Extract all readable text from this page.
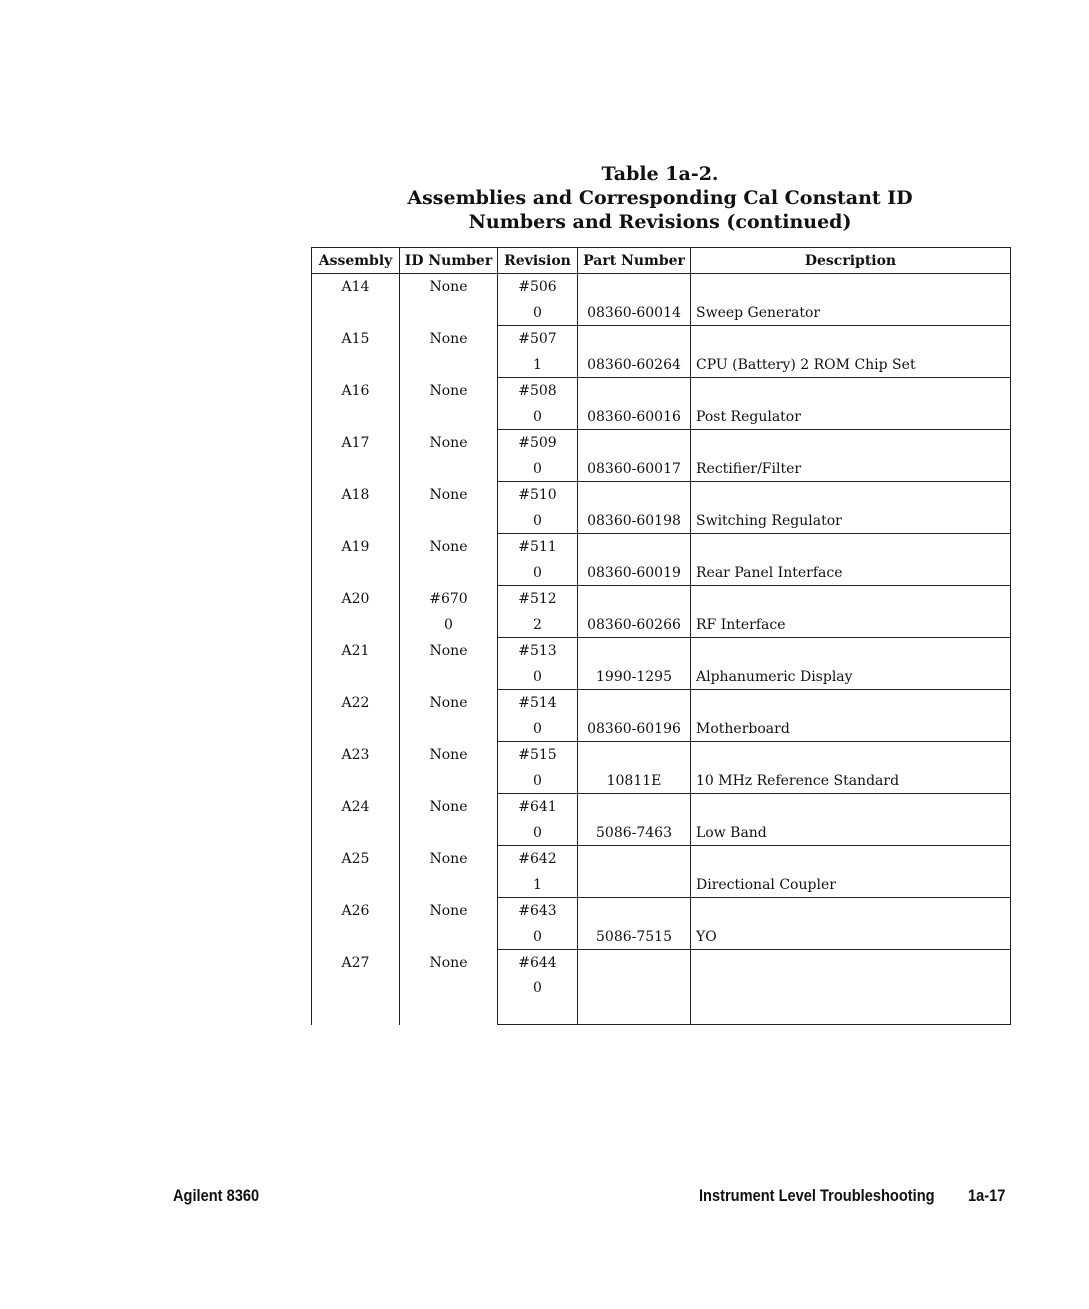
Table 1a-2.
Assemblies and Corresponding Cal Constant ID
Numbers and Revisions (continued)
Assembly	ID Number	Revision	Part Number	Description
A14	None	#506		
		0	08360-60014	Sweep Generator
A15	None	#507		
		1	08360-60264	CPU (Battery) 2 ROM Chip Set
A16	None	#508		
		0	08360-60016	Post Regulator
A17	None	#509		
		0	08360-60017	Rectifier/Filter
A18	None	#510		
		0	08360-60198	Switching Regulator
A19	None	#511		
		0	08360-60019	Rear Panel Interface
A20	#670	#512		
	0	2	08360-60266	RF Interface
A21	None	#513		
		0	1990-1295	Alphanumeric Display
A22	None	#514		
		0	08360-60196	Motherboard
A23	None	#515		
		0	10811E	10 MHz Reference Standard
A24	None	#641		
		0	5086-7463	Low Band
A25	None	#642		
		1		Directional Coupler
A26	None	#643		
		0	5086-7515	YO
A27	None	#644		
		0		
Agilent 8360	Instrument Level Troubleshooting 1a-17
